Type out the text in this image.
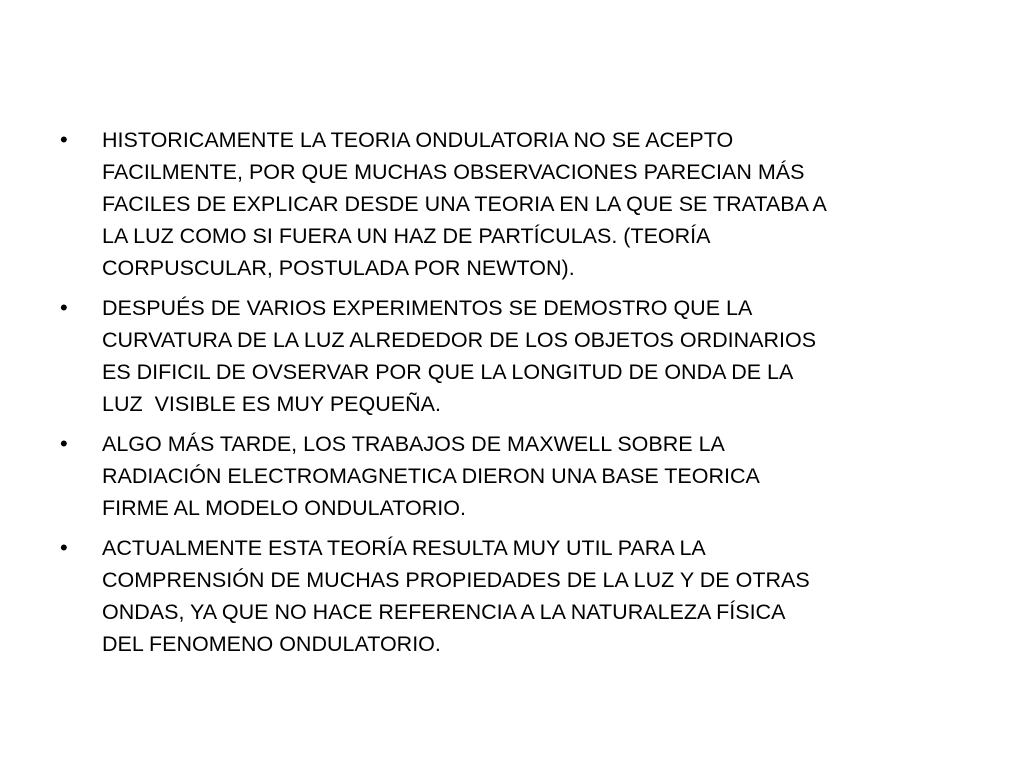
•	HISTORICAMENTE LA TEORIA ONDULATORIA NO SE ACEPTO
FACILMENTE, POR QUE MUCHAS OBSERVACIONES PARECIAN MÁS
FACILES DE EXPLICAR DESDE UNA TEORIA EN LA QUE SE TRATABA A
LA LUZ COMO SI FUERA UN HAZ DE PARTÍCULAS. (TEORÍA
CORPUSCULAR, POSTULADA POR NEWTON).
•	DESPUÉS DE VARIOS EXPERIMENTOS SE DEMOSTRO QUE LA
CURVATURA DE LA LUZ ALREDEDOR DE LOS OBJETOS ORDINARIOS
ES DIFICIL DE OVSERVAR POR QUE LA LONGITUD DE ONDA DE LA
LUZ  VISIBLE ES MUY PEQUEÑA.
•	ALGO MÁS TARDE, LOS TRABAJOS DE MAXWELL SOBRE LA
RADIACIÓN ELECTROMAGNETICA DIERON UNA BASE TEORICA
FIRME AL MODELO ONDULATORIO.
•	ACTUALMENTE ESTA TEORÍA RESULTA MUY UTIL PARA LA
COMPRENSIÓN DE MUCHAS PROPIEDADES DE LA LUZ Y DE OTRAS
ONDAS, YA QUE NO HACE REFERENCIA A LA NATURALEZA FÍSICA
DEL FENOMENO ONDULATORIO.
